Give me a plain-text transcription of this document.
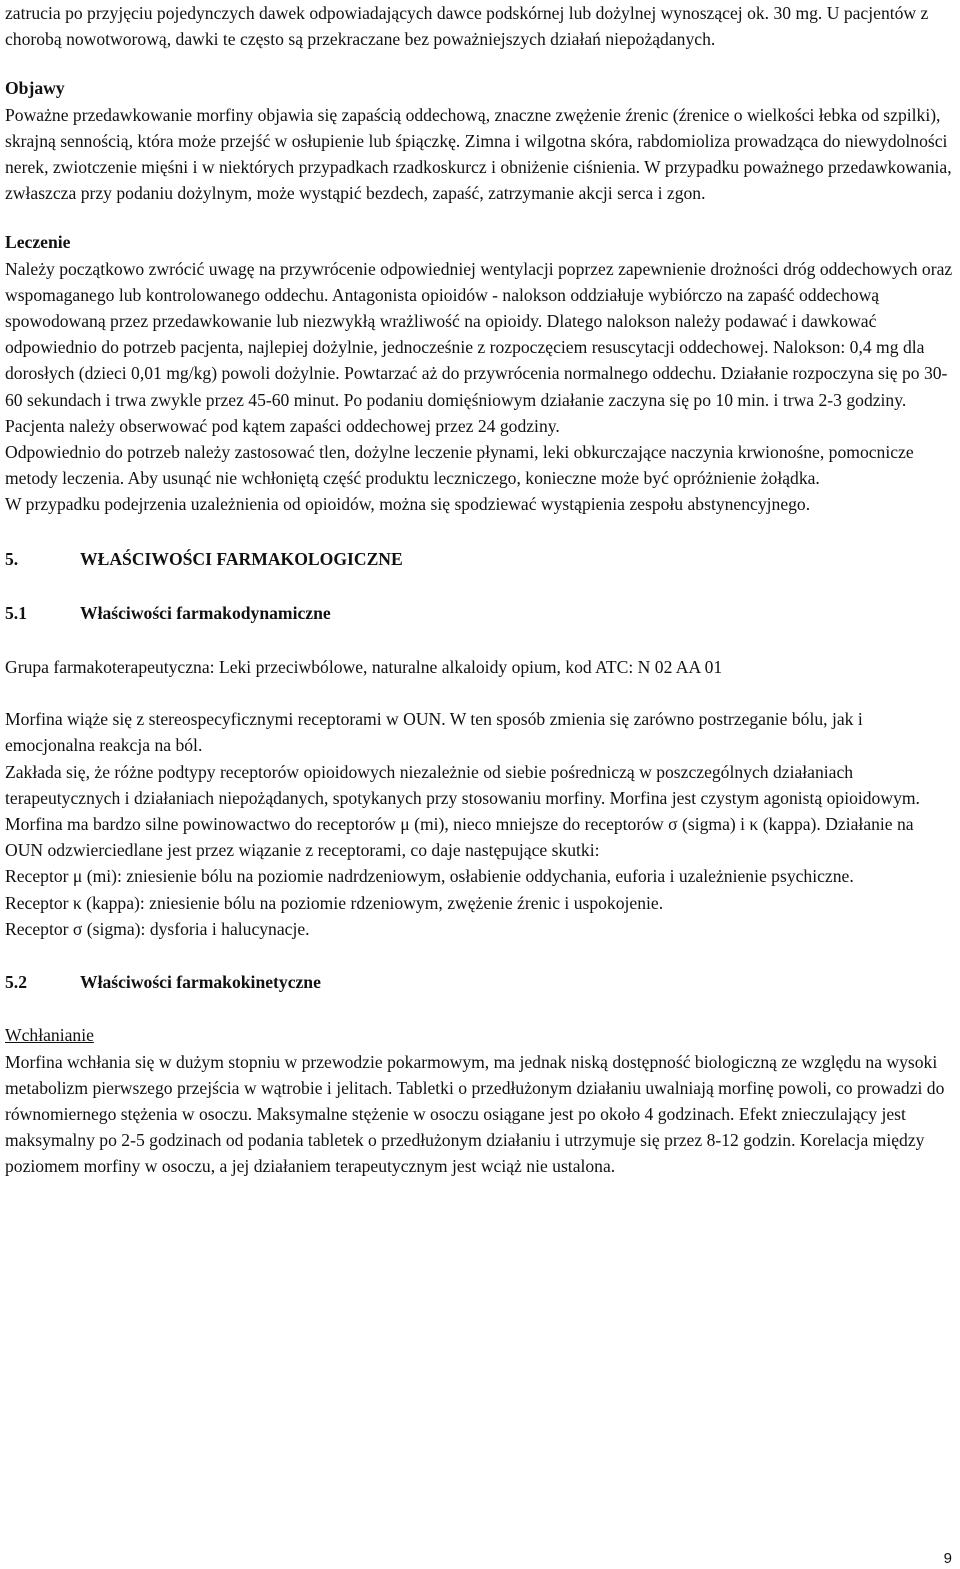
zatrucia po przyjęciu pojedynczych dawek odpowiadających dawce podskórnej lub dożylnej wynoszącej ok. 30 mg. U pacjentów z chorobą nowotworową, dawki te często są przekraczane bez poważniejszych działań niepożądanych.

Objawy

Poważne przedawkowanie morfiny objawia się zapaścią oddechową, znaczne zwężenie źrenic (źrenice o wielkości łebka od szpilki), skrajną sennością, która może przejść w osłupienie lub śpiączkę. Zimna i wilgotna skóra, rabdomioliza prowadząca do niewydolności nerek, zwiotczenie mięśni i w niektórych przypadkach rzadkoskurcz i obniżenie ciśnienia. W przypadku poważnego przedawkowania, zwłaszcza przy podaniu dożylnym, może wystąpić bezdech, zapaść, zatrzymanie akcji serca i zgon.

Leczenie

Należy początkowo zwrócić uwagę na przywrócenie odpowiedniej wentylacji poprzez zapewnienie drożności dróg oddechowych oraz wspomaganego lub kontrolowanego oddechu. Antagonista opioidów - nalokson oddziałuje wybiórczo na zapaść oddechową spowodowaną przez przedawkowanie lub niezwykłą wrażliwość na opioidy. Dlatego nalokson należy podawać i dawkować odpowiednio do potrzeb pacjenta, najlepiej dożylnie, jednocześnie z rozpoczęciem resuscytacji oddechowej. Nalokson: 0,4 mg dla dorosłych (dzieci 0,01 mg/kg) powoli dożylnie. Powtarzać aż do przywrócenia normalnego oddechu. Działanie rozpoczyna się po 30-60 sekundach i trwa zwykle przez 45-60 minut. Po podaniu domięśniowym działanie zaczyna się po 10 min. i trwa 2-3 godziny. Pacjenta należy obserwować pod kątem zapaści oddechowej przez 24 godziny.

Odpowiednio do potrzeb należy zastosować tlen, dożylne leczenie płynami, leki obkurczające naczynia krwionośne, pomocnicze metody leczenia. Aby usunąć nie wchłoniętą część produktu leczniczego, konieczne może być opróżnienie żołądka.

W przypadku podejrzenia uzależnienia od opioidów, można się spodziewać wystąpienia zespołu abstynencyjnego.

5.	WŁAŚCIWOŚCI FARMAKOLOGICZNE
5.1	Właściwości farmakodynamiczne

Grupa farmakoterapeutyczna: Leki przeciwbólowe, naturalne alkaloidy opium, kod ATC: N 02 AA 01

Morfina wiąże się z stereospecyficznymi receptorami w OUN. W ten sposób zmienia się zarówno postrzeganie bólu, jak i emocjonalna reakcja na ból.

Zakłada się, że różne podtypy receptorów opioidowych niezależnie od siebie pośredniczą w poszczególnych działaniach terapeutycznych i działaniach niepożądanych, spotykanych przy stosowaniu morfiny. Morfina jest czystym agonistą opioidowym. Morfina ma bardzo silne powinowactwo do receptorów μ (mi), nieco mniejsze do receptorów σ (sigma) i κ (kappa). Działanie na OUN odzwierciedlane jest przez wiązanie z receptorami, co daje następujące skutki:

Receptor μ (mi): zniesienie bólu na poziomie nadrdzeniowym, osłabienie oddychania, euforia i uzależnienie psychiczne.

Receptor κ (kappa): zniesienie bólu na poziomie rdzeniowym, zwężenie źrenic i uspokojenie.

Receptor σ (sigma): dysforia i halucynacje.

5.2	Właściwości farmakokinetyczne

Wchłanianie

Morfina wchłania się w dużym stopniu w przewodzie pokarmowym, ma jednak niską dostępność biologiczną ze względu na wysoki metabolizm pierwszego przejścia w wątrobie i jelitach. Tabletki o przedłużonym działaniu uwalniają morfinę powoli, co prowadzi do równomiernego stężenia w osoczu. Maksymalne stężenie w osoczu osiągane jest po około 4 godzinach. Efekt znieczulający jest maksymalny po 2-5 godzinach od podania tabletek o przedłużonym działaniu i utrzymuje się przez 8-12 godzin. Korelacja między poziomem morfiny w osoczu, a jej działaniem terapeutycznym jest wciąż nie ustalona.

9
